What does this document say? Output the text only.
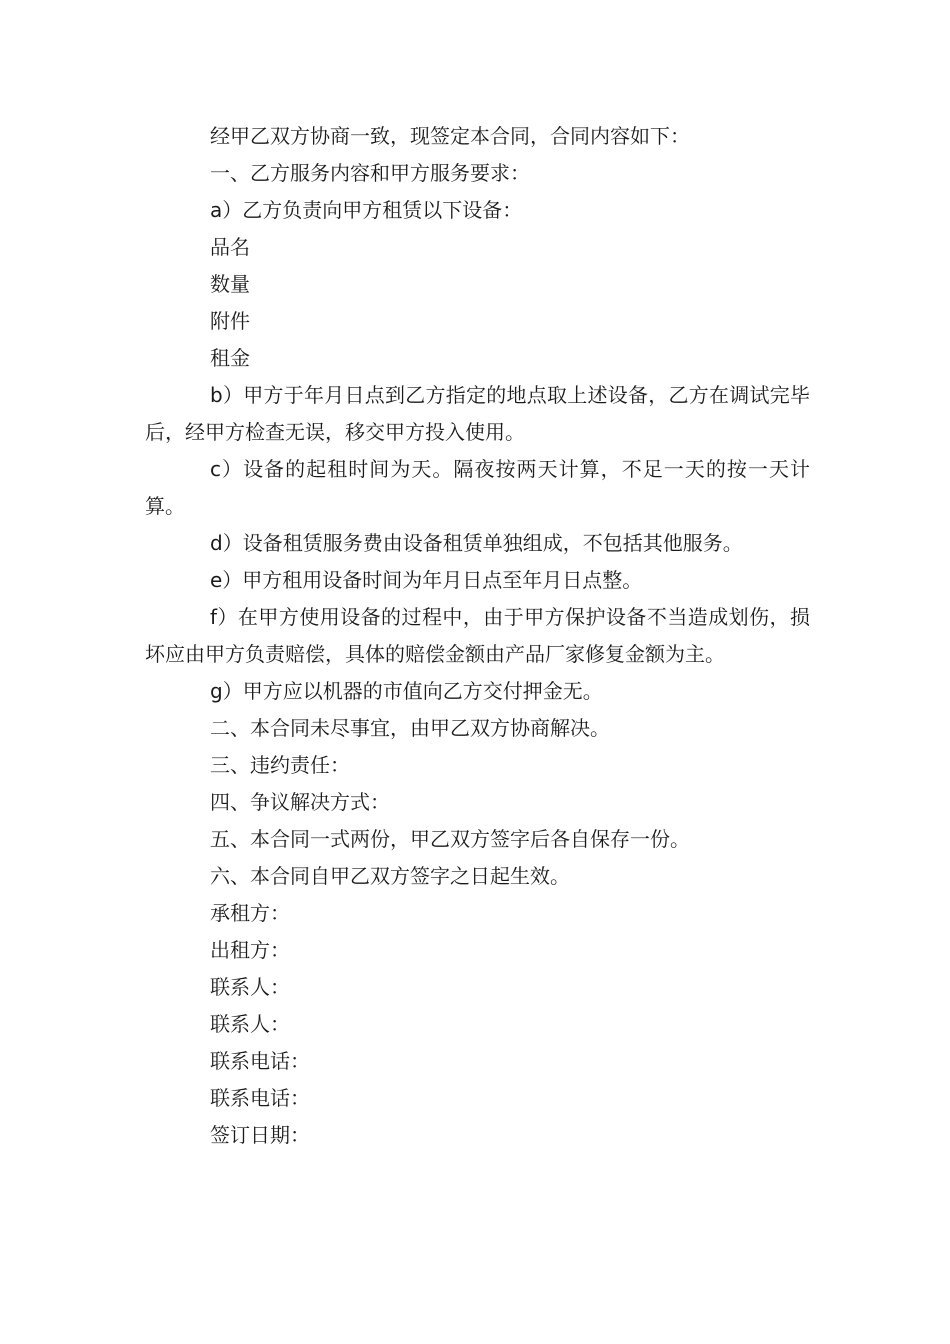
经甲乙双方协商一致，现签定本合同，合同内容如下：

一、乙方服务内容和甲方服务要求：

a）乙方负责向甲方租赁以下设备：

品名

数量

附件

租金

b）甲方于年月日点到乙方指定的地点取上述设备，乙方在调试完毕后，经甲方检查无误，移交甲方投入使用。

c）设备的起租时间为天。隔夜按两天计算，不足一天的按一天计算。

d）设备租赁服务费由设备租赁单独组成，不包括其他服务。

e）甲方租用设备时间为年月日点至年月日点整。

f）在甲方使用设备的过程中，由于甲方保护设备不当造成划伤，损坏应由甲方负责赔偿，具体的赔偿金额由产品厂家修复金额为主。

g）甲方应以机器的市值向乙方交付押金无。

二、本合同未尽事宜，由甲乙双方协商解决。

三、违约责任：

四、争议解决方式：

五、本合同一式两份，甲乙双方签字后各自保存一份。

六、本合同自甲乙双方签字之日起生效。

承租方：

出租方：

联系人：

联系人：

联系电话：

联系电话：

签订日期：
